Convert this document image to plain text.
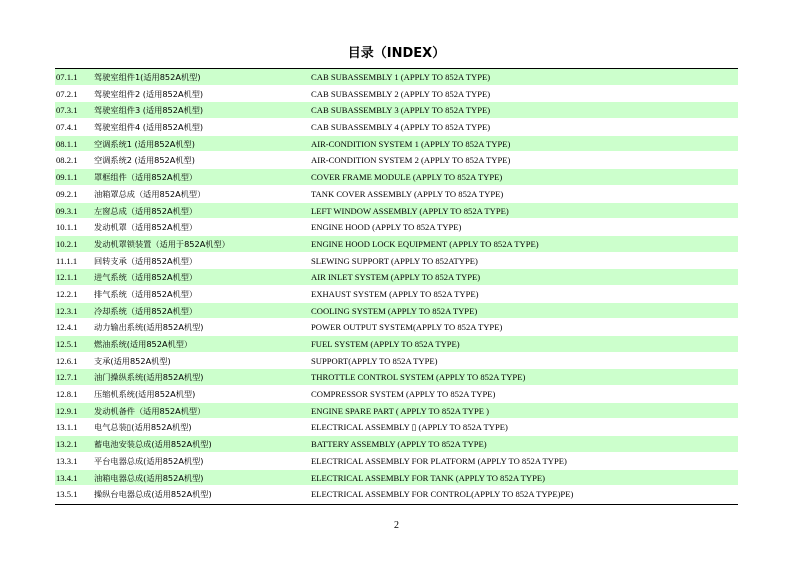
目录（INDEX）
07.1.1 驾驶室组件1(适用852A机型)	CAB SUBASSEMBLY 1 (APPLY TO 852A TYPE)
07.2.1 驾驶室组件2 (适用852A机型)	CAB SUBASSEMBLY 2 (APPLY TO 852A TYPE)
07.3.1 驾驶室组件3 (适用852A机型)	CAB SUBASSEMBLY 3 (APPLY TO 852A TYPE)
07.4.1 驾驶室组件4 (适用852A机型)	CAB SUBASSEMBLY 4 (APPLY TO 852A TYPE)
08.1.1 空调系统1 (适用852A机型)	AIR-CONDITION SYSTEM 1 (APPLY TO 852A TYPE)
08.2.1 空调系统2 (适用852A机型)	AIR-CONDITION SYSTEM 2 (APPLY TO 852A TYPE)
09.1.1 罩框组件（适用852A机型）	COVER FRAME MODULE (APPLY TO 852A TYPE)
09.2.1 油箱罩总成（适用852A机型）	TANK COVER ASSEMBLY (APPLY TO 852A TYPE)
09.3.1 左窗总成（适用852A机型）	LEFT WINDOW ASSEMBLY (APPLY TO 852A TYPE)
10.1.1 发动机罩（适用852A机型）	ENGINE HOOD (APPLY TO 852A TYPE)
10.2.1 发动机罩锁装置（适用于852A机型）	ENGINE HOOD LOCK EQUIPMENT (APPLY TO 852A TYPE)
11.1.1 回转支承（适用852A机型）	SLEWING SUPPORT (APPLY TO 852ATYPE)
12.1.1 进气系统（适用852A机型）	AIR INLET SYSTEM (APPLY TO 852A TYPE)
12.2.1 排气系统（适用852A机型）	EXHAUST SYSTEM (APPLY TO 852A TYPE)
12.3.1 冷却系统（适用852A机型）	COOLING SYSTEM (APPLY TO 852A TYPE)
12.4.1 动力输出系统(适用852A机型)	POWER OUTPUT SYSTEM(APPLY TO 852A TYPE)
12.5.1 燃油系统(适用852A机型）	FUEL SYSTEM (APPLY TO 852A TYPE)
12.6.1 支承(适用852A机型)	SUPPORT(APPLY TO 852A TYPE)
12.7.1 油门操纵系统(适用852A机型)	THROTTLE CONTROL SYSTEM (APPLY TO 852A TYPE)
12.8.1 压缩机系统(适用852A机型)	COMPRESSOR SYSTEM (APPLY TO 852A TYPE)
12.9.1 发动机备件（适用852A机型）	ENGINE SPARE PART ( APPLY TO 852A TYPE )
13.1.1 电气总装▯(适用852A机型)	ELECTRICAL ASSEMBLY ▯ (APPLY TO 852A TYPE)
13.2.1 蓄电池安装总成(适用852A机型)	BATTERY ASSEMBLY (APPLY TO 852A TYPE)
13.3.1 平台电器总成(适用852A机型)	ELECTRICAL ASSEMBLY FOR PLATFORM (APPLY TO 852A TYPE)
13.4.1 油箱电器总成(适用852A机型)	ELECTRICAL ASSEMBLY FOR TANK (APPLY TO 852A TYPE)
13.5.1 操纵台电器总成(适用852A机型)	ELECTRICAL ASSEMBLY FOR CONTROL(APPLY TO 852A TYPE)PE)
2
